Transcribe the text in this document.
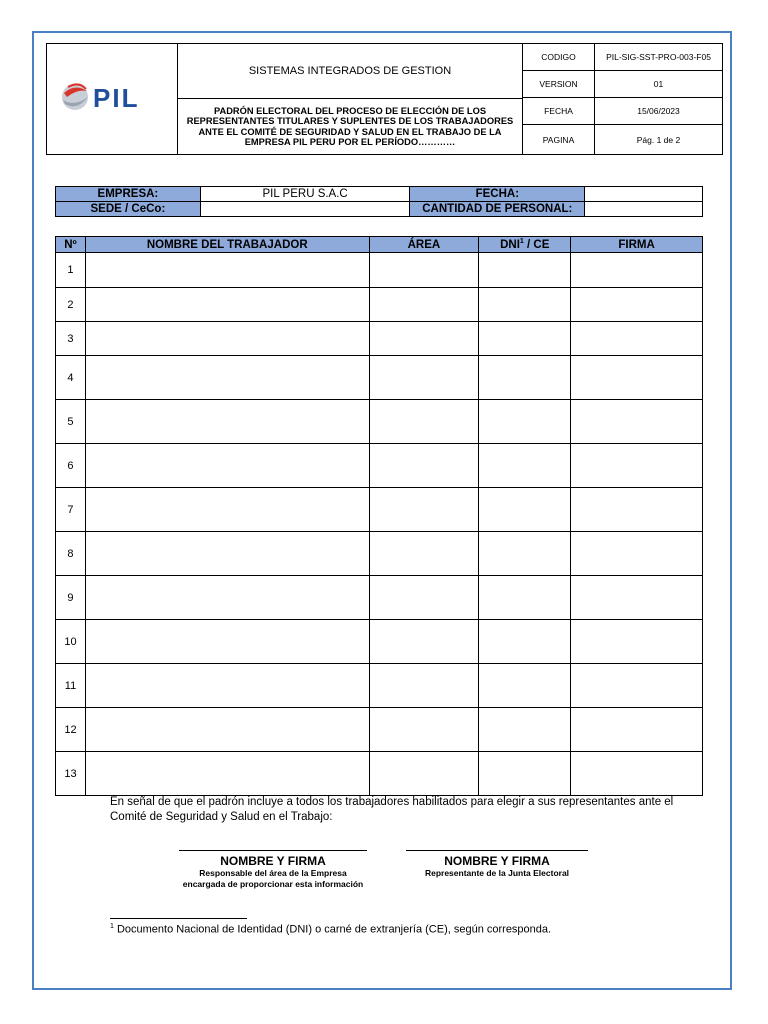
PIL
SISTEMAS INTEGRADOS DE GESTION
PADRÓN ELECTORAL DEL PROCESO DE ELECCIÓN DE LOS REPRESENTANTES TITULARES Y SUPLENTES DE LOS TRABAJADORES ANTE EL COMITÉ DE SEGURIDAD Y SALUD EN EL TRABAJO DE LA EMPRESA PIL PERU POR EL PERÍODO…………
CODIGO	PIL-SIG-SST-PRO-003-F05
VERSION	01
FECHA	15/06/2023
PAGINA	Pág. 1 de 2
EMPRESA:	PIL PERU S.A.C	FECHA:	
SEDE / CeCo:		CANTIDAD DE PERSONAL:	
Nº	NOMBRE DEL TRABAJADOR	ÁREA	DNI$^1$ / CE	FIRMA
1				
2				
3				
4				
5				
6				
7				
8				
9				
10				
11				
12				
13				
En señal de que el padrón incluye a todos los trabajadores habilitados para elegir a sus representantes ante el Comité de Seguridad y Salud en el Trabajo:
NOMBRE Y FIRMA
Responsable del área de la Empresa
encargada de proporcionar esta información
NOMBRE Y FIRMA
Representante de la Junta Electoral
$^1$ Documento Nacional de Identidad (DNI) o carné de extranjería (CE), según corresponda.
